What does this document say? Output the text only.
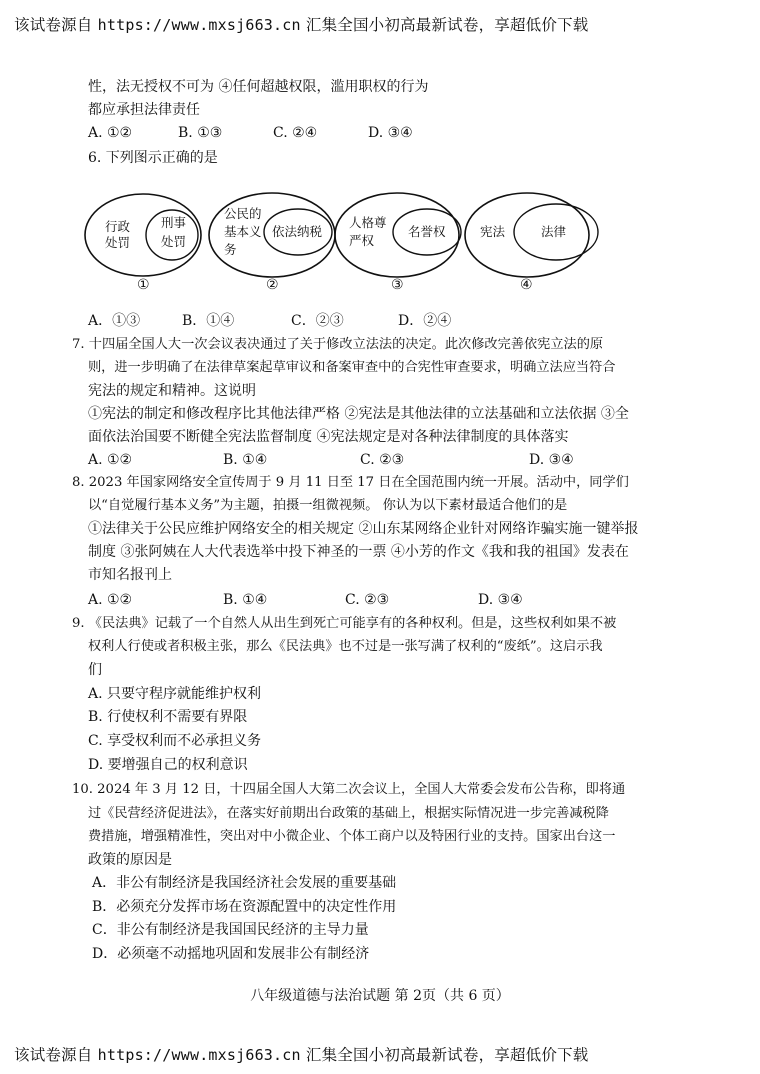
该试卷源自 https://www.mxsj663.cn 汇集全国小初高最新试卷，享超低价下载
性，法无授权不可为 ④任何超越权限，滥用职权的行为
都应承担法律责任
A. ①②	B. ①③	C. ②④	D. ③④
6. 下列图示正确的是
行政
处罚
刑事
处罚
①
公民的
基本义
务
依法纳税
②
人格尊
严权
名誉权
③
宪法	法律
④
A．①③	B．①④	C．②③	D．②④
7. 十四届全国人大一次会议表决通过了关于修改立法法的决定。此次修改完善依宪立法的原
则，进一步明确了在法律草案起草审议和备案审查中的合宪性审查要求，明确立法应当符合
宪法的规定和精神。这说明
①宪法的制定和修改程序比其他法律严格 ②宪法是其他法律的立法基础和立法依据 ③全
面依法治国要不断健全宪法监督制度 ④宪法规定是对各种法律制度的具体落实
A. ①②	B. ①④	C. ②③	D. ③④
8. 2023 年国家网络安全宣传周于 9 月 11 日至 17 日在全国范围内统一开展。活动中，同学们
以“自觉履行基本义务”为主题，拍摄一组微视频。 你认为以下素材最适合他们的是
①法律关于公民应维护网络安全的相关规定 ②山东某网络企业针对网络诈骗实施一键举报
制度 ③张阿姨在人大代表选举中投下神圣的一票 ④小芳的作文《我和我的祖国》发表在
市知名报刊上
A. ①②	B. ①④	C. ②③	D. ③④
9. 《民法典》记载了一个自然人从出生到死亡可能享有的各种权利。但是，这些权利如果不被
权利人行使或者积极主张，那么《民法典》也不过是一张写满了权利的“废纸”。这启示我
们
A. 只要守程序就能维护权利
B. 行使权利不需要有界限
C. 享受权利而不必承担义务
D. 要增强自己的权利意识
10. 2024 年 3 月 12 日，十四届全国人大第二次会议上，全国人大常委会发布公告称，即将通
过《民营经济促进法》，在落实好前期出台政策的基础上，根据实际情况进一步完善减税降
费措施，增强精准性，突出对中小微企业、个体工商户以及特困行业的支持。国家出台这一
政策的原因是
A．非公有制经济是我国经济社会发展的重要基础
B．必须充分发挥市场在资源配置中的决定性作用
C．非公有制经济是我国国民经济的主导力量
D．必须毫不动摇地巩固和发展非公有制经济
八年级道德与法治试题 第 2页（共 6 页）
该试卷源自 https://www.mxsj663.cn 汇集全国小初高最新试卷，享超低价下载
